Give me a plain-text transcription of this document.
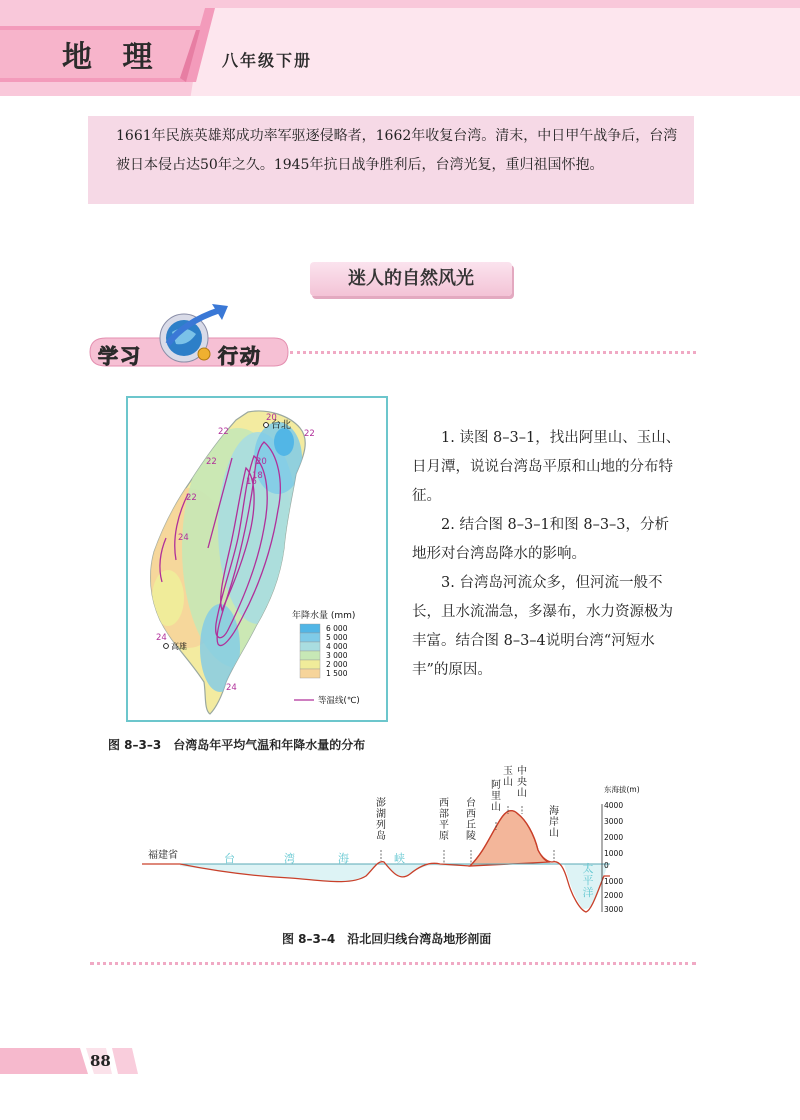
地 理	八年级下册
1661年民族英雄郑成功率军驱逐侵略者，1662年收复台湾。清末，中日甲午战争后，台湾被日本侵占达50年之久。1945年抗日战争胜利后，台湾光复，重归祖国怀抱。
迷人的自然风光
学习	行动
20
22	22
20
18
16
22
22
24
24
24
台北
高雄
年降水量 (mm)
6 000
5 000
4 000
3 000
2 000
1 500
等温线(℃)
1. 读图 8–3–1，找出阿里山、玉山、日月潭，说说台湾岛平原和山地的分布特征。
2. 结合图 8–3–1和图 8–3–3，分析地形对台湾岛降水的影响。
3. 台湾岛河流众多，但河流一般不长，且水流湍急，多瀑布，水力资源极为丰富。结合图 8–3–4说明台湾“河短水丰”的原因。
图 8–3–3　台湾岛年平均气温和年降水量的分布
福建省	台	湾	海	峡
澎湖列岛
西部平原
台西丘陵
阿里山
玉山
中央山
海岸山
太平洋
东海拔(m)
4000
3000
2000
1000
0
1000
2000
3000
图 8–3–4　沿北回归线台湾岛地形剖面
88
